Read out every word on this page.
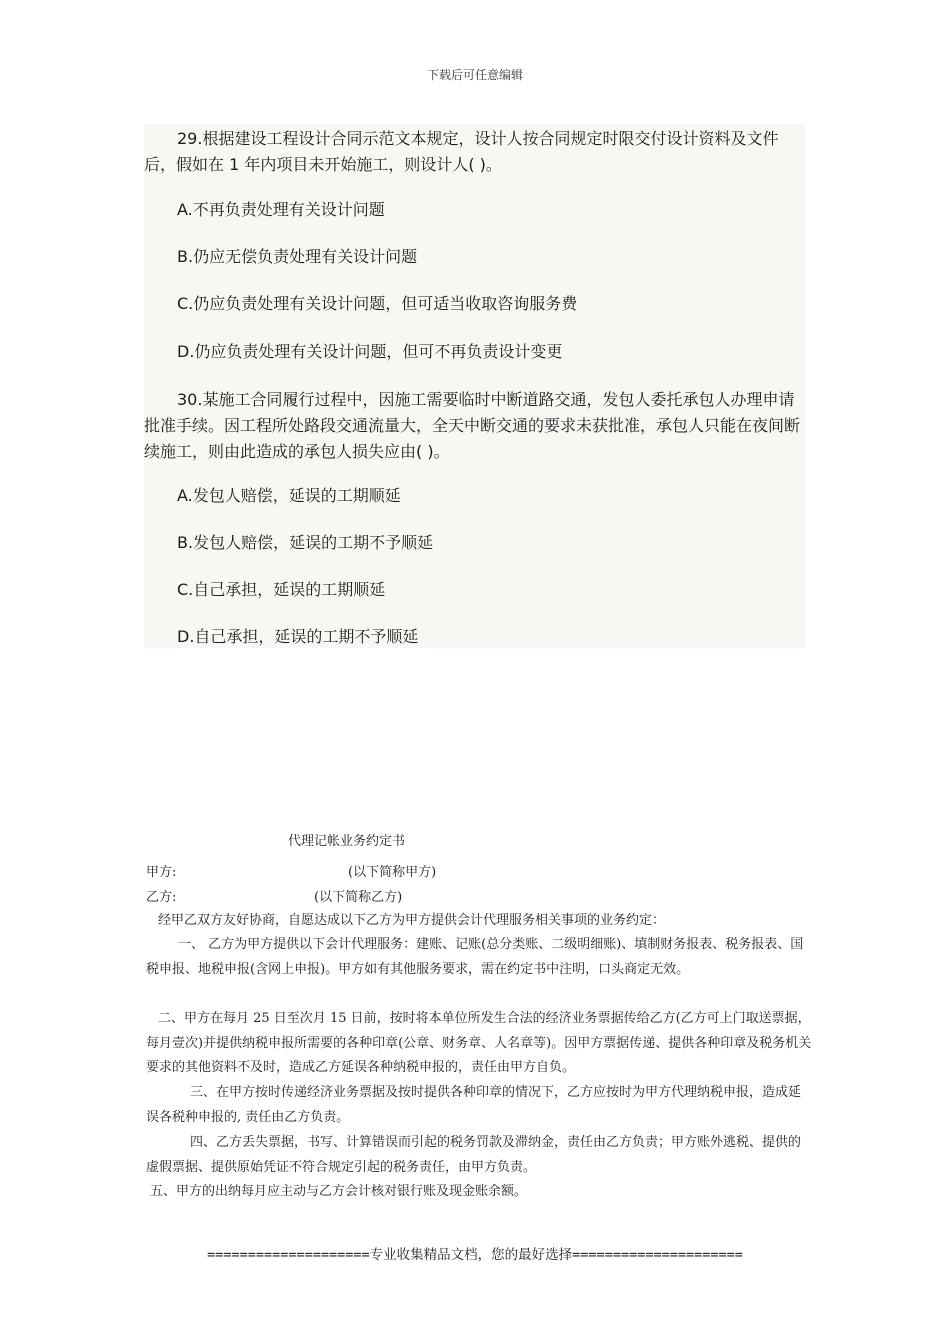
下载后可任意编辑

29.根据建设工程设计合同示范文本规定，设计人按合同规定时限交付设计资料及文件后，假如在 1 年内项目未开始施工，则设计人( )。

A.不再负责处理有关设计问题

B.仍应无偿负责处理有关设计问题

C.仍应负责处理有关设计问题，但可适当收取咨询服务费

D.仍应负责处理有关设计问题，但可不再负责设计变更

30.某施工合同履行过程中，因施工需要临时中断道路交通，发包人委托承包人办理申请批准手续。因工程所处路段交通流量大，全天中断交通的要求未获批准，承包人只能在夜间断 续施工，则由此造成的承包人损失应由( )。

A.发包人赔偿，延误的工期顺延

B.发包人赔偿，延误的工期不予顺延

C.自己承担，延误的工期顺延

D.自己承担，延误的工期不予顺延

代理记帐业务约定书
甲方:	(以下简称甲方)
乙方:	(以下简称乙方)

经甲乙双方友好协商，自愿达成以下乙方为甲方提供会计代理服务相关事项的业务约定：

一、 乙方为甲方提供以下会计代理服务：建账、记账(总分类账、二级明细账)、填制财务报表、税务报表、国税申报、地税申报(含网上申报)。甲方如有其他服务要求，需在约定书中注明，口头商定无效。

二、甲方在每月 25 日至次月 15 日前，按时将本单位所发生合法的经济业务票据传给乙方(乙方可上门取送票据，每月壹次)并提供纳税申报所需要的各种印章(公章、财务章、人名章等)。因甲方票据传递、提供各种印章及税务机关要求的其他资料不及时，造成乙方延误各种纳税申报的，责任由甲方自负。

三、在甲方按时传递经济业务票据及按时提供各种印章的情况下，乙方应按时为甲方代理纳税申报，造成延误各税种申报的, 责任由乙方负责。

四、乙方丢失票据，书写、计算错误而引起的税务罚款及滞纳金，责任由乙方负责；甲方账外逃税、提供的虚假票据、提供原始凭证不符合规定引起的税务责任，由甲方负责。

五、甲方的出纳每月应主动与乙方会计核对银行账及现金账余额。

====================专业收集精品文档，您的最好选择=====================
